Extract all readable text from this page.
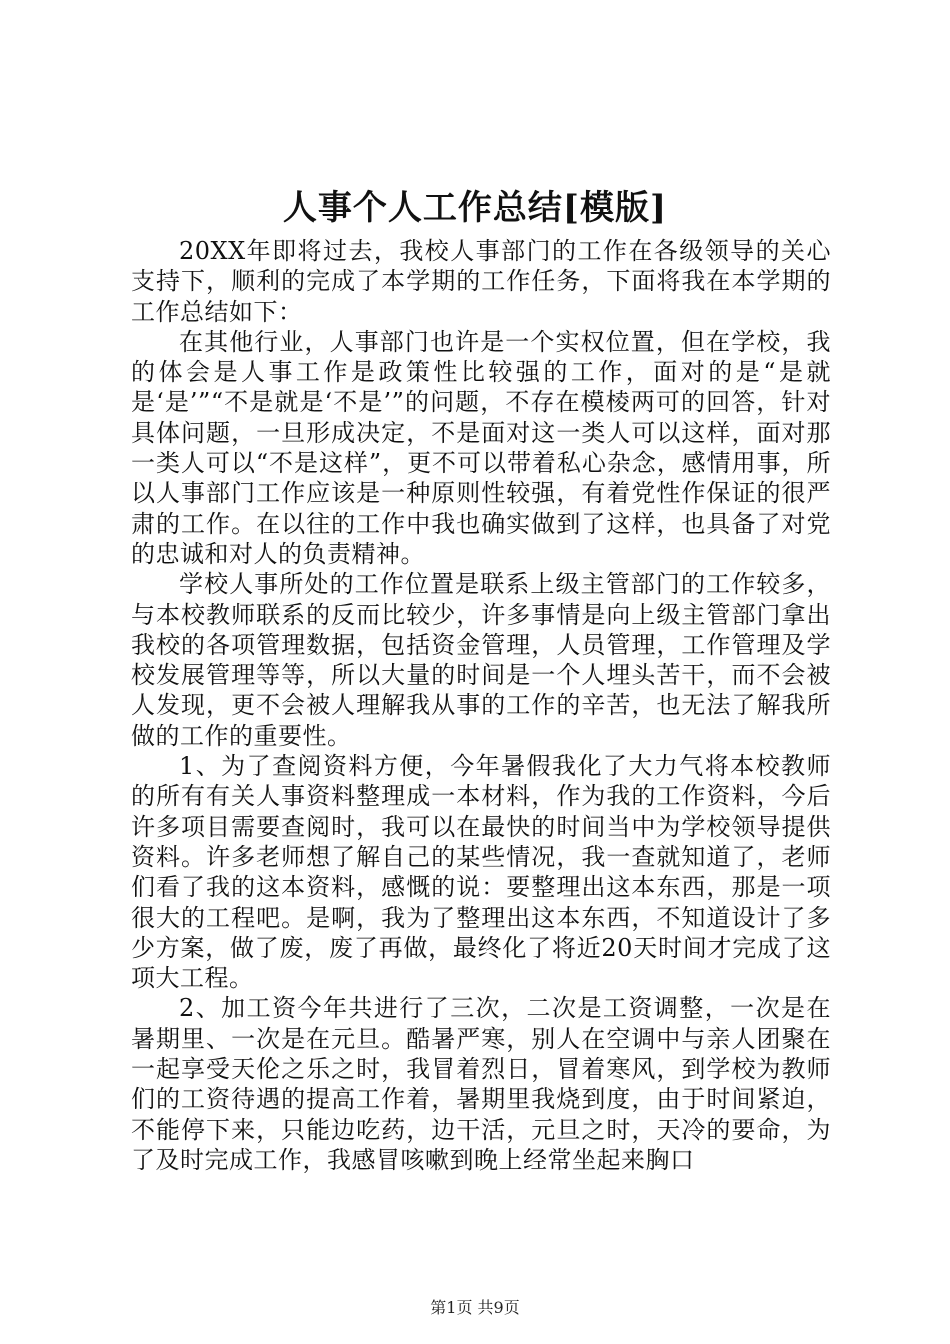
人事个人工作总结[模版]

20XX年即将过去，我校人事部门的工作在各级领导的关心支持下，顺利的完成了本学期的工作任务，下面将我在本学期的工作总结如下：

在其他行业，人事部门也许是一个实权位置，但在学校，我的体会是人事工作是政策性比较强的工作，面对的是“是就是‘是’”“不是就是‘不是’”的问题，不存在模棱两可的回答，针对具体问题，一旦形成决定，不是面对这一类人可以这样，面对那一类人可以“不是这样”，更不可以带着私心杂念，感情用事，所以人事部门工作应该是一种原则性较强，有着党性作保证的很严肃的工作。在以往的工作中我也确实做到了这样，也具备了对党的忠诚和对人的负责精神。

学校人事所处的工作位置是联系上级主管部门的工作较多，与本校教师联系的反而比较少，许多事情是向上级主管部门拿出我校的各项管理数据，包括资金管理，人员管理，工作管理及学校发展管理等等，所以大量的时间是一个人埋头苦干，而不会被人发现，更不会被人理解我从事的工作的辛苦，也无法了解我所做的工作的重要性。

1、为了查阅资料方便，今年暑假我化了大力气将本校教师的所有有关人事资料整理成一本材料，作为我的工作资料，今后许多项目需要查阅时，我可以在最快的时间当中为学校领导提供资料。许多老师想了解自己的某些情况，我一查就知道了，老师们看了我的这本资料，感慨的说：要整理出这本东西，那是一项很大的工程吧。是啊，我为了整理出这本东西，不知道设计了多少方案，做了废，废了再做，最终化了将近20天时间才完成了这项大工程。

2、加工资今年共进行了三次，二次是工资调整，一次是在暑期里、一次是在元旦。酷暑严寒，别人在空调中与亲人团聚在一起享受天伦之乐之时，我冒着烈日，冒着寒风，到学校为教师们的工资待遇的提高工作着，暑期里我烧到度，由于时间紧迫，不能停下来，只能边吃药，边干活，元旦之时，天冷的要命，为了及时完成工作，我感冒咳嗽到晚上经常坐起来胸口

第1页 共9页
